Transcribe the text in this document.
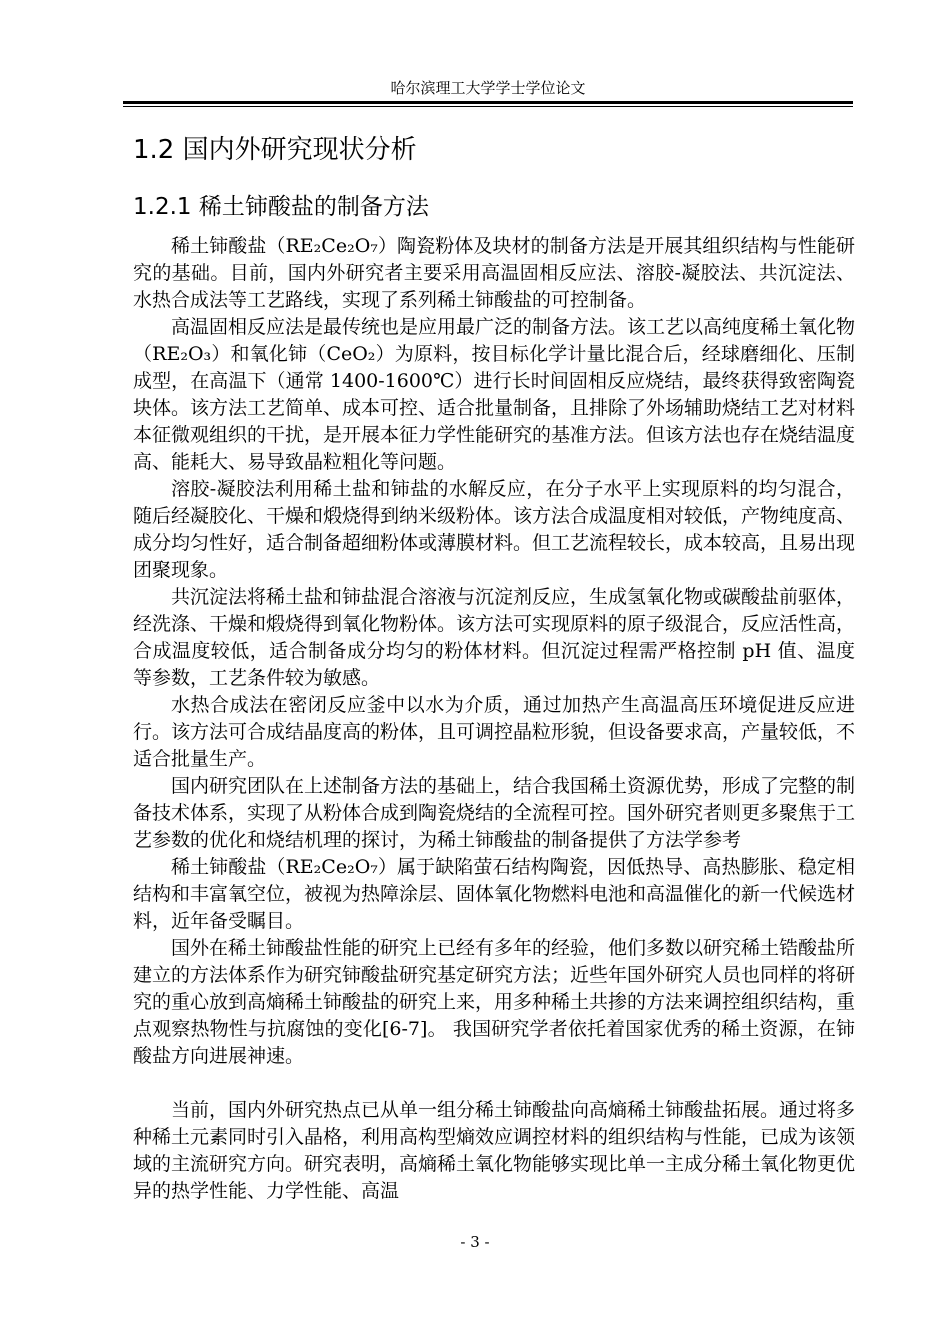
哈尔滨理工大学学士学位论文
1.2 国内外研究现状分析
1.2.1 稀土铈酸盐的制备方法

稀土铈酸盐（RE₂Ce₂O₇）陶瓷粉体及块材的制备方法是开展其组织结构与性能研究的基础。目前，国内外研究者主要采用高温固相反应法、溶胶-凝胶法、共沉淀法、水热合成法等工艺路线，实现了系列稀土铈酸盐的可控制备。

高温固相反应法是最传统也是应用最广泛的制备方法。该工艺以高纯度稀土氧化物（RE₂O₃）和氧化铈（CeO₂）为原料，按目标化学计量比混合后，经球磨细化、压制成型，在高温下（通常 1400-1600℃）进行长时间固相反应烧结，最终获得致密陶瓷块体。该方法工艺简单、成本可控、适合批量制备，且排除了外场辅助烧结工艺对材料本征微观组织的干扰，是开展本征力学性能研究的基准方法。但该方法也存在烧结温度高、能耗大、易导致晶粒粗化等问题。

溶胶-凝胶法利用稀土盐和铈盐的水解反应，在分子水平上实现原料的均匀混合，随后经凝胶化、干燥和煅烧得到纳米级粉体。该方法合成温度相对较低，产物纯度高、成分均匀性好，适合制备超细粉体或薄膜材料。但工艺流程较长，成本较高，且易出现团聚现象。

共沉淀法将稀土盐和铈盐混合溶液与沉淀剂反应，生成氢氧化物或碳酸盐前驱体，经洗涤、干燥和煅烧得到氧化物粉体。该方法可实现原料的原子级混合，反应活性高，合成温度较低，适合制备成分均匀的粉体材料。但沉淀过程需严格控制 pH 值、温度等参数，工艺条件较为敏感。

水热合成法在密闭反应釜中以水为介质，通过加热产生高温高压环境促进反应进行。该方法可合成结晶度高的粉体，且可调控晶粒形貌，但设备要求高，产量较低，不适合批量生产。

国内研究团队在上述制备方法的基础上，结合我国稀土资源优势，形成了完整的制备技术体系，实现了从粉体合成到陶瓷烧结的全流程可控。国外研究者则更多聚焦于工艺参数的优化和烧结机理的探讨，为稀土铈酸盐的制备提供了方法学参考

稀土铈酸盐（RE₂Ce₂O₇）属于缺陷萤石结构陶瓷，因低热导、高热膨胀、稳定相结构和丰富氧空位，被视为热障涂层、固体氧化物燃料电池和高温催化的新一代候选材料，近年备受瞩目。

国外在稀土铈酸盐性能的研究上已经有多年的经验，他们多数以研究稀土锆酸盐所建立的方法体系作为研究铈酸盐研究基定研究方法；近些年国外研究人员也同样的将研究的重心放到高熵稀土铈酸盐的研究上来，用多种稀土共掺的方法来调控组织结构，重点观察热物性与抗腐蚀的变化[6-7]。 我国研究学者依托着国家优秀的稀土资源，在铈酸盐方向进展神速。

当前，国内外研究热点已从单一组分稀土铈酸盐向高熵稀土铈酸盐拓展。通过将多种稀土元素同时引入晶格，利用高构型熵效应调控材料的组织结构与性能，已成为该领域的主流研究方向。研究表明，高熵稀土氧化物能够实现比单一主成分稀土氧化物更优异的热学性能、力学性能、高温

- 3 -
